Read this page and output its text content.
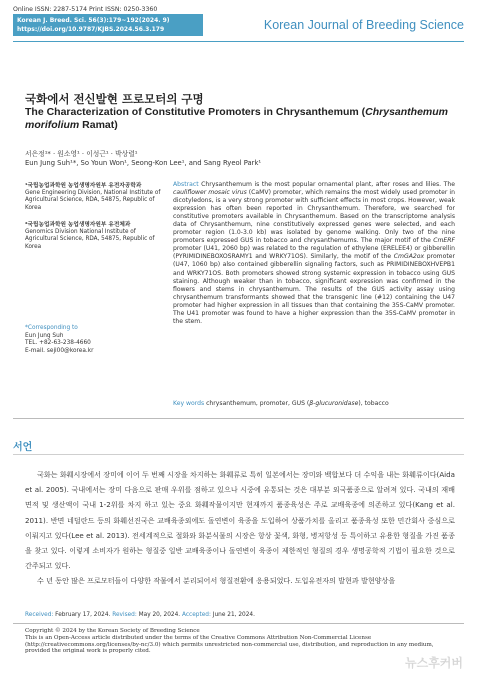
Online ISSN: 2287-5174 Print ISSN: 0250-3360
Korean J. Breed. Sci. 56(3):179~192(2024. 9)
https://doi.org/10.9787/KJBS.2024.56.3.179	Korean Journal of Breeding Science
국화에서 전신발현 프로모터의 구명
The Characterization of Constitutive Promoters in Chrysanthemum (Chrysanthemum morifolium Ramat)
서은정¹* · 원소영¹ · 이성근¹ · 박상렬¹
Eun Jung Suh¹*, So Youn Won¹, Seong-Kon Lee¹, and Sang Ryeol Park¹
¹국립농업과학원 농업생명자원부 유전자공학과
Gene Engineering Division, National Institute of Agricultural Science, RDA, 54875, Republic of Korea
²국립농업과학원 농업생명자원부 유전체과
Genomics Division National Institute of Agricultural Science, RDA, 54875, Republic of Korea
*Corresponding to
Eun Jung Suh
TEL. +82-63-238-4660
E-mail. seji00@korea.kr
Abstract Chrysanthemum is the most popular ornamental plant, after roses and lilies. The cauliflower mosaic virus (CaMV) promoter, which remains the most widely used promoter in dicotyledons, is a very strong promoter with sufficient effects in most crops. However, weak expression has often been reported in Chrysanthemum. Therefore, we searched for constitutive promoters available in Chrysanthemum. Based on the transcriptome analysis data of Chrysanthemum, nine constitutively expressed genes were selected, and each promoter region (1.0-3.0 kb) was isolated by genome walking. Only two of the nine promoters expressed GUS in tobacco and chrysanthemums. The major motif of the CmERF promoter (U41, 2060 bp) was related to the regulation of ethylene (ERELEE4) or gibberellin (PYRIMIDINEBOXOSRAMY1 and WRKY71OS). Similarly, the motif of the CmGA2ox promoter (U47, 1060 bp) also contained gibberellin signaling factors, such as PRIMIDINEBOXHVEPB1 and WRKY71OS. Both promoters showed strong systemic expression in tobacco using GUS staining. Although weaker than in tobacco, significant expression was confirmed in the flowers and stems in chrysanthemum. The results of the GUS activity assay using chrysanthemum transformants showed that the transgenic line (#12) containing the U47 promoter had higher expression in all tissues than that containing the 35S-CaMV promoter. The U41 promoter was found to have a higher expression than the 35S-CaMV promoter in the stem.
Key words chrysanthemum, promoter, GUS (β-glucuronidase), tobacco
서언

국화는 화훼시장에서 장미에 이어 두 번째 시장을 차지하는 화훼류로 특히 일본에서는 장미와 백합보다 더 수익을 내는 화훼류이다(Aida et al. 2005). 국내에서는 장미 다음으로 판매 우위를 점하고 있으나 시중에 유통되는 것은 대부분 외국품종으로 알려져 있다. 국내의 재배 면적 및 생산액이 국내 1-2위를 차지 하고 있는 중요 화훼작물이지만 현재까지 품종육성은 주로 교배육종에 의존하고 있다(Kang et al. 2011). 반면 네덜란드 등의 화훼선진국은 교배육종외에도 돌연변이 육종을 도입하여 상품가치를 올리고 품종육성 또한 민간회사 중심으로 이뤄지고 있다(Lee et al. 2013). 전세계적으로 절화와 화분식물의 시장은 항상 꽃색, 화형, 병저항성 등 특이하고 유용한 형질을 가진 품종을 찾고 있다. 이렇게 소비자가 원하는 형질중 일반 교배육종이나 돌연변이 육종이 제한적인 형질의 경우 생명공학적 기법이 필요한 것으로 간주되고 있다.

수 년 동안 많은 프로모터들이 다양한 작물에서 분리되어서 형질전환에 응용되었다. 도입유전자의 발현과 발현양상을

Received: February 17, 2024. Revised: May 20, 2024. Accepted: June 21, 2024.
Copyright © 2024 by the Korean Society of Breeding Science
This is an Open-Access article distributed under the terms of the Creative Commons Attribution Non-Commercial License (http://creativecommons.org/licenses/by-nc/3.0) which permits unrestricted non-commercial use, distribution, and reproduction in any medium, provided the original work is properly cited.
뉴스후커버
